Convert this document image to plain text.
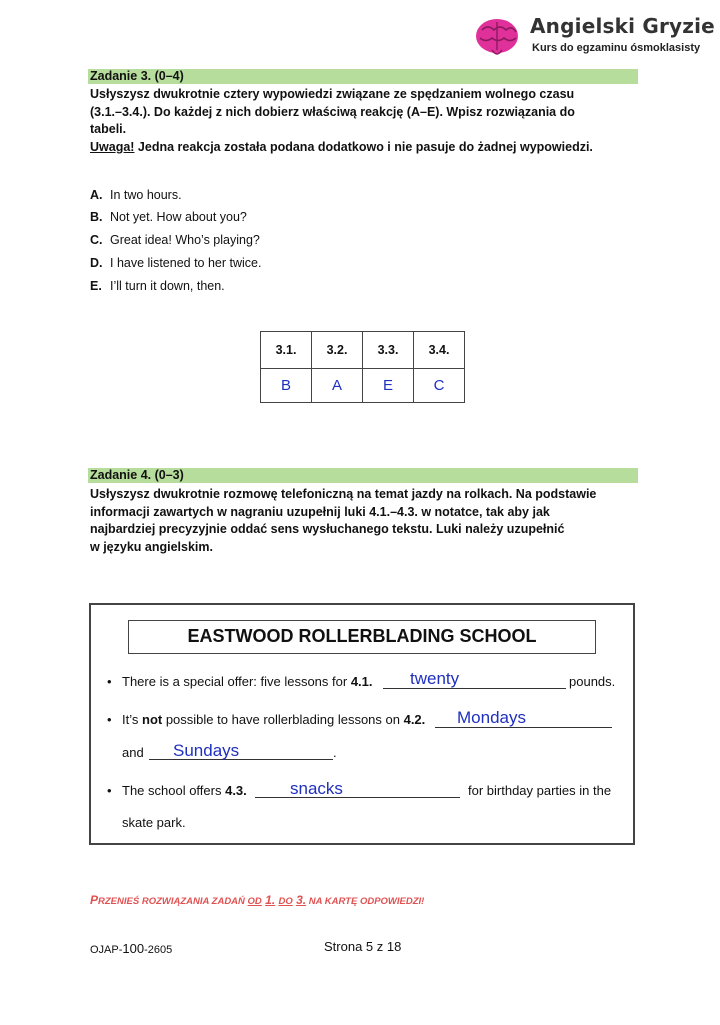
Angielski Gryzie
Kurs do egzaminu ósmoklasisty
Zadanie 3. (0–4)
Usłyszysz dwukrotnie cztery wypowiedzi związane ze spędzaniem wolnego czasu
(3.1.–3.4.). Do każdej z nich dobierz właściwą reakcję (A–E). Wpisz rozwiązania do
tabeli.
Uwaga! Jedna reakcja została podana dodatkowo i nie pasuje do żadnej wypowiedzi.
A. In two hours.
B. Not yet. How about you?
C. Great idea! Who’s playing?
D. I have listened to her twice.
E. I’ll turn it down, then.
3.1.	3.2.	3.3.	3.4.
B	A	E	C
Zadanie 4. (0–3)
Usłyszysz dwukrotnie rozmowę telefoniczną na temat jazdy na rolkach. Na podstawie
informacji zawartych w nagraniu uzupełnij luki 4.1.–4.3. w notatce, tak aby jak
najbardziej precyzyjnie oddać sens wysłuchanego tekstu. Luki należy uzupełnić
w języku angielskim.
EASTWOOD ROLLERBLADING SCHOOL
• There is a special offer: five lessons for 4.1. twenty	pounds.
• It’s not possible to have rollerblading lessons on 4.2. Mondays
and Sundays	.
• The school offers 4.3.	snacks	for birthday parties in the
skate park.
PRZENIEŚ ROZWIĄZANIA ZADAŃ OD 1. DO 3. NA KARTĘ ODPOWIEDZI!
OJAP-100-2605	Strona 5 z 18
